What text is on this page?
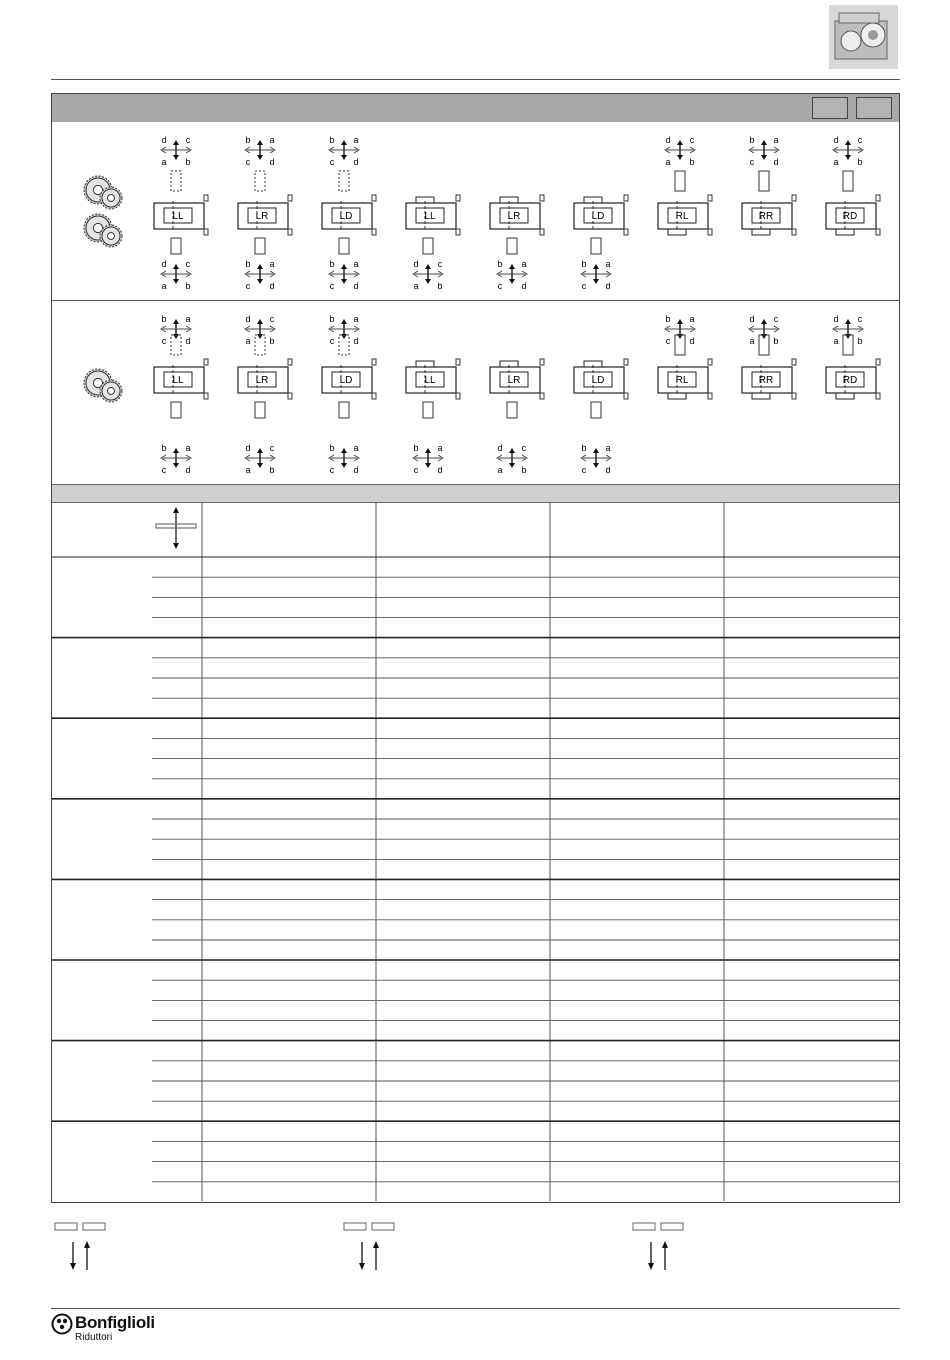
d c
a b
d c
a b
LL
b a
c d
b a
c d
LR
b a
c d
b a
c d
LD
d c
a b
LL
b a
c d
LR
b a
c d
LD
d c
a b
RL
b a
c d
RR
d c
a b
RD
b a
c d
b a
c d
LL
d c
a b
d c
a b
LR
b a
c d
b a
c d
LD
b a
c d
LL
d c
a b
LR
b a
c d
LD
b a
c d
RL
d c
a b
RR
d c
a b
RD
Bonfiglioli
Riduttori
